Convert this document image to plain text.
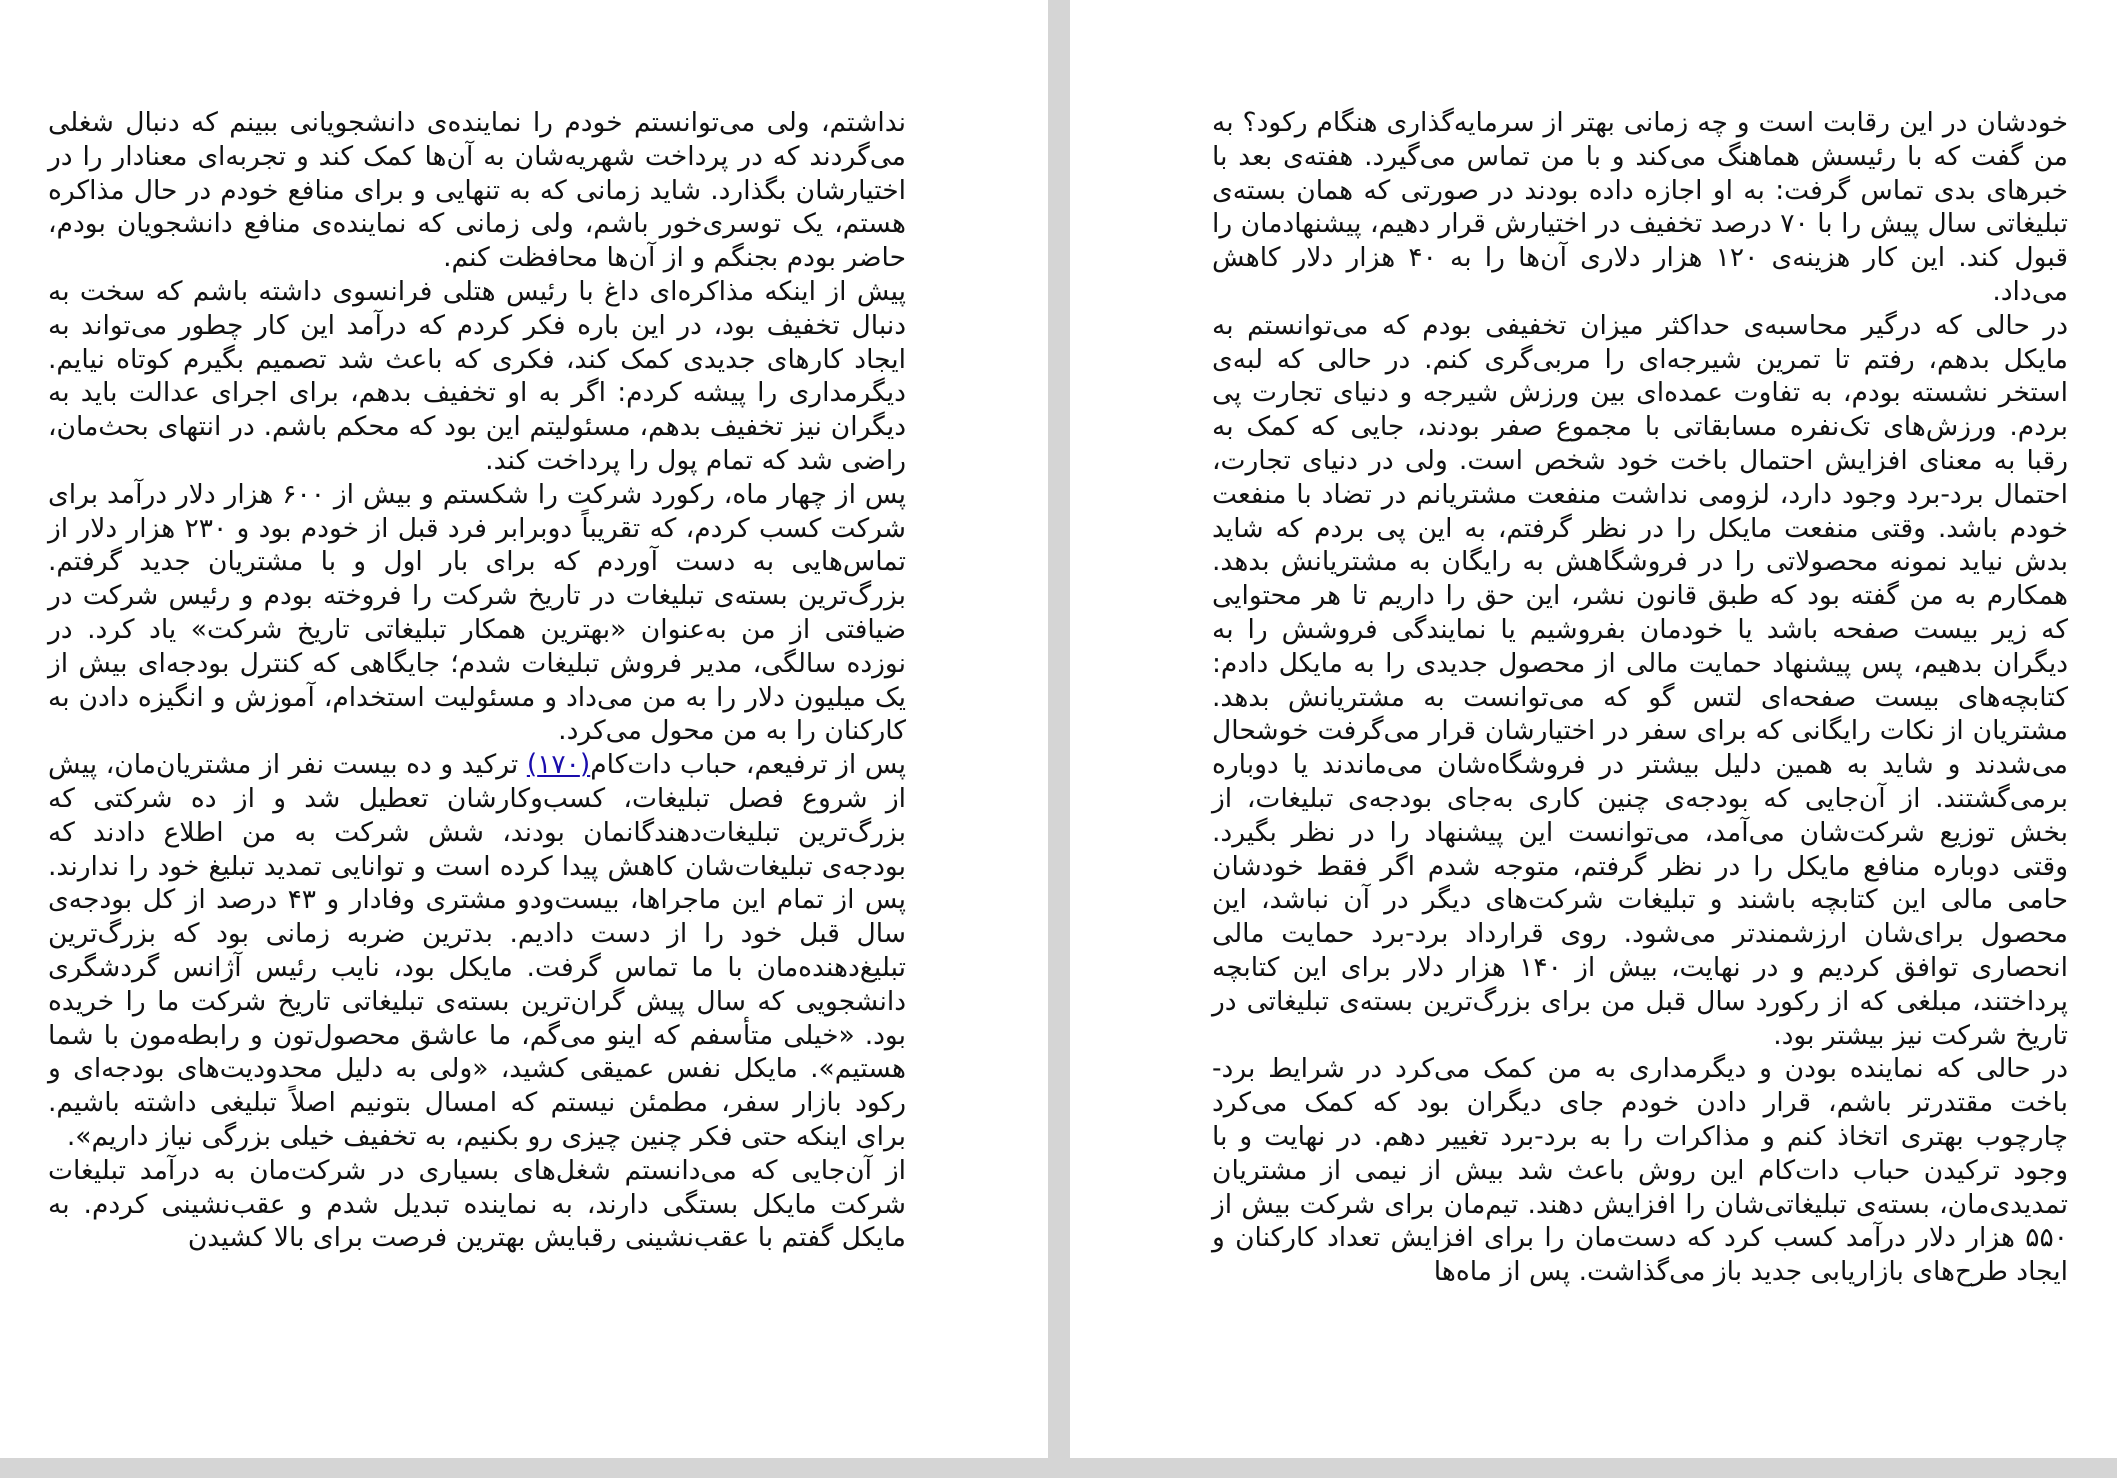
نداشتم، ولی می‌توانستم خودم را نماینده‌ی دانشجویانی ببینم که دنبال شغلی می‌گردند که در پرداخت شهریه‌شان به آن‌ها کمک کند و تجربه‌ای معنادار را در اختیارشان بگذارد. شاید زمانی که به تنهایی و برای منافع خودم در حال مذاکره هستم، یک توسری‌خور باشم، ولی زمانی که نماینده‌ی منافع دانشجویان بودم، حاضر بودم بجنگم و از آن‌ها محافظت کنم.

پیش از اینکه مذاکره‌ای داغ با رئیس هتلی فرانسوی داشته باشم که سخت به دنبال تخفیف بود، در این باره فکر کردم که درآمد این کار چطور می‌تواند به ایجاد کارهای جدیدی کمک کند، فکری که باعث شد تصمیم بگیرم کوتاه نیایم. دیگرمداری را پیشه کردم: اگر به او تخفیف بدهم، برای اجرای عدالت باید به دیگران نیز تخفیف بدهم، مسئولیتم این بود که محکم باشم. در انتهای بحث‌مان، راضی شد که تمام پول را پرداخت کند.

پس از چهار ماه، رکورد شرکت را شکستم و بیش از ۶۰۰ هزار دلار درآمد برای شرکت کسب کردم، که تقریباً دوبرابر فرد قبل از خودم بود و ۲۳۰ هزار دلار از تماس‌هایی به دست آوردم که برای بار اول و با مشتریان جدید گرفتم. بزرگ‌ترین بسته‌ی تبلیغات در تاریخ شرکت را فروخته بودم و رئیس شرکت در ضیافتی از من به‌عنوان «بهترین همکار تبلیغاتی تاریخ شرکت» یاد کرد. در نوزده سالگی، مدیر فروش تبلیغات شدم؛ جایگاهی که کنترل بودجه‌ای بیش از یک میلیون دلار را به من می‌داد و مسئولیت استخدام، آموزش و انگیزه دادن به کارکنان را به من محول می‌کرد.

پس از ترفیعم، حباب دات‌کام(۱۷۰) ترکید و ده بیست نفر از مشتریان‌مان، پیش از شروع فصل تبلیغات، کسب‌وکارشان تعطیل شد و از ده شرکتی که بزرگ‌ترین تبلیغات‌دهندگانمان بودند، شش شرکت به من اطلاع دادند که بودجه‌ی تبلیغات‌شان کاهش پیدا کرده است و توانایی تمدید تبلیغ خود را ندارند. پس از تمام این ماجراها، بیست‌ودو مشتری وفادار و ۴۳ درصد از کل بودجه‌ی سال قبل خود را از دست دادیم. بدترین ضربه زمانی بود که بزرگ‌ترین تبلیغ‌دهنده‌مان با ما تماس گرفت. مایکل بود، نایب رئیس آژانس گردشگری دانشجویی که سال پیش گران‌ترین بسته‌ی تبلیغاتی تاریخ شرکت ما را خریده بود. «خیلی متأسفم که اینو می‌گم، ما عاشق محصول‌تون و رابطه‌مون با شما هستیم». مایکل نفس عمیقی کشید، «ولی به دلیل محدودیت‌های بودجه‌ای و رکود بازار سفر، مطمئن نیستم که امسال بتونیم اصلاً تبلیغی داشته باشیم. برای اینکه حتی فکر چنین چیزی رو بکنیم، به تخفیف خیلی بزرگی نیاز داریم».

از آن‌جایی که می‌دانستم شغل‌های بسیاری در شرکت‌مان به درآمد تبلیغات شرکت مایکل بستگی دارند، به نماینده تبدیل شدم و عقب‌نشینی کردم. به مایکل گفتم با عقب‌نشینی رقبایش بهترین فرصت برای بالا کشیدن

خودشان در این رقابت است و چه زمانی بهتر از سرمایه‌گذاری هنگام رکود؟ به من گفت که با رئیسش هماهنگ می‌کند و با من تماس می‌گیرد. هفته‌ی بعد با خبرهای بدی تماس گرفت: به او اجازه داده بودند در صورتی که همان بسته‌ی تبلیغاتی سال پیش را با ۷۰ درصد تخفیف در اختیارش قرار دهیم، پیشنهادمان را قبول کند. این کار هزینه‌ی ۱۲۰ هزار دلاری آن‌ها را به ۴۰ هزار دلار کاهش می‌داد.

در حالی که درگیر محاسبه‌ی حداکثر میزان تخفیفی بودم که می‌توانستم به مایکل بدهم، رفتم تا تمرین شیرجه‌ای را مربی‌گری کنم. در حالی که لبه‌ی استخر نشسته بودم، به تفاوت عمده‌ای بین ورزش شیرجه و دنیای تجارت پی بردم. ورزش‌های تک‌نفره مسابقاتی با مجموع صفر بودند، جایی که کمک به رقبا به معنای افزایش احتمال باخت خود شخص است. ولی در دنیای تجارت، احتمال برد-برد وجود دارد، لزومی نداشت منفعت مشتریانم در تضاد با منفعت خودم باشد. وقتی منفعت مایکل را در نظر گرفتم، به این پی بردم که شاید بدش نیاید نمونه محصولاتی را در فروشگاهش به رایگان به مشتریانش بدهد. همکارم به من گفته بود که طبق قانون نشر، این حق را داریم تا هر محتوایی که زیر بیست صفحه باشد یا خودمان بفروشیم یا نمایندگی فروشش را به دیگران بدهیم، پس پیشنهاد حمایت مالی از محصول جدیدی را به مایکل دادم: کتابچه‌های بیست صفحه‌ای لتس گو که می‌توانست به مشتریانش بدهد. مشتریان از نکات رایگانی که برای سفر در اختیارشان قرار می‌گرفت خوشحال می‌شدند و شاید به همین دلیل بیشتر در فروشگاه‌شان می‌ماندند یا دوباره برمی‌گشتند. از آن‌جایی که بودجه‌ی چنین کاری به‌جای بودجه‌ی تبلیغات، از بخش توزیع شرکت‌شان می‌آمد، می‌توانست این پیشنهاد را در نظر بگیرد. وقتی دوباره منافع مایکل را در نظر گرفتم، متوجه شدم اگر فقط خودشان حامی مالی این کتابچه باشند و تبلیغات شرکت‌های دیگر در آن نباشد، این محصول برای‌شان ارزشمندتر می‌شود. روی قرارداد برد-برد حمایت مالی انحصاری توافق کردیم و در نهایت، بیش از ۱۴۰ هزار دلار برای این کتابچه پرداختند، مبلغی که از رکورد سال قبل من برای بزرگ‌ترین بسته‌ی تبلیغاتی در تاریخ شرکت نیز بیشتر بود.

در حالی که نماینده بودن و دیگرمداری به من کمک می‌کرد در شرایط برد-باخت مقتدرتر باشم، قرار دادن خودم جای دیگران بود که کمک می‌کرد چارچوب بهتری اتخاذ کنم و مذاکرات را به برد-برد تغییر دهم. در نهایت و با وجود ترکیدن حباب دات‌کام این روش باعث شد بیش از نیمی از مشتریان تمدیدی‌مان، بسته‌ی تبلیغاتی‌شان را افزایش دهند. تیم‌مان برای شرکت بیش از ۵۵۰ هزار دلار درآمد کسب کرد که دست‌مان را برای افزایش تعداد کارکنان و ایجاد طرح‌های بازاریابی جدید باز می‌گذاشت. پس از ماه‌ها
